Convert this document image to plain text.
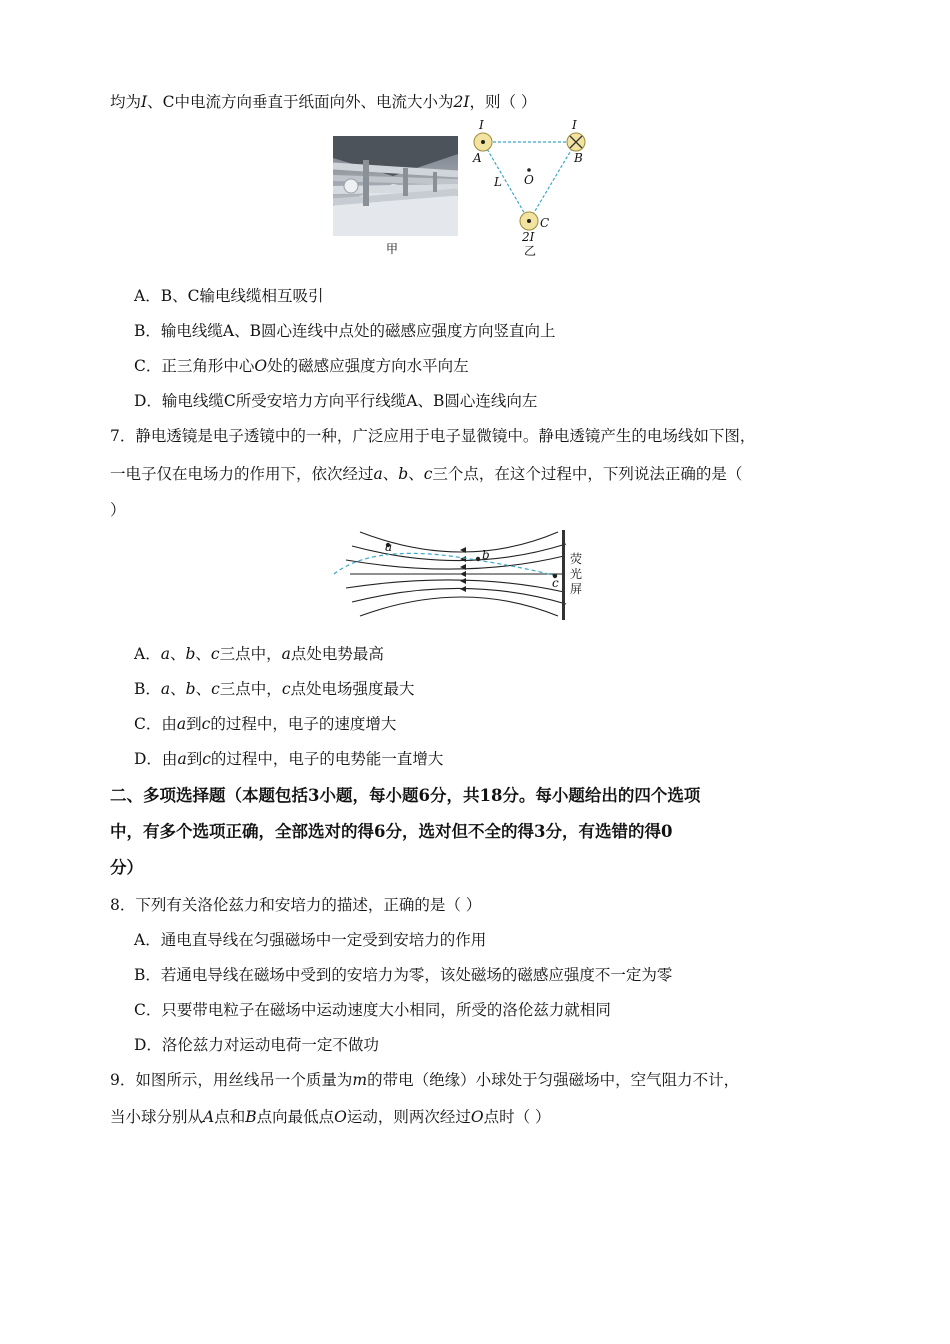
均为I、C中电流方向垂直于纸面向外、电流大小为2I，则（ ）
甲
I
A
I
B
O
L
C
2I
乙
A．B、C输电线缆相互吸引
B．输电线缆A、B圆心连线中点处的磁感应强度方向竖直向上
C．正三角形中心O处的磁感应强度方向水平向左
D．输电线缆C所受安培力方向平行线缆A、B圆心连线向左
7．静电透镜是电子透镜中的一种，广泛应用于电子显微镜中。静电透镜产生的电场线如下图，
一电子仅在电场力的作用下，依次经过a、b、c三个点，在这个过程中，下列说法正确的是（
）
a
b
c
荧光屏
A．a、b、c三点中，a点处电势最高
B．a、b、c三点中，c点处电场强度最大
C．由a到c的过程中，电子的速度增大
D．由a到c的过程中，电子的电势能一直增大
二、多项选择题（本题包括3小题，每小题6分，共18分。每小题给出的四个选项
中，有多个选项正确，全部选对的得6分，选对但不全的得3分，有选错的得0
分）
8．下列有关洛伦兹力和安培力的描述，正确的是（ ）
A．通电直导线在匀强磁场中一定受到安培力的作用
B．若通电导线在磁场中受到的安培力为零，该处磁场的磁感应强度不一定为零
C．只要带电粒子在磁场中运动速度大小相同，所受的洛伦兹力就相同
D．洛伦兹力对运动电荷一定不做功
9．如图所示，用丝线吊一个质量为m的带电（绝缘）小球处于匀强磁场中，空气阻力不计，
当小球分别从A点和B点向最低点O运动，则两次经过O点时（ ）
